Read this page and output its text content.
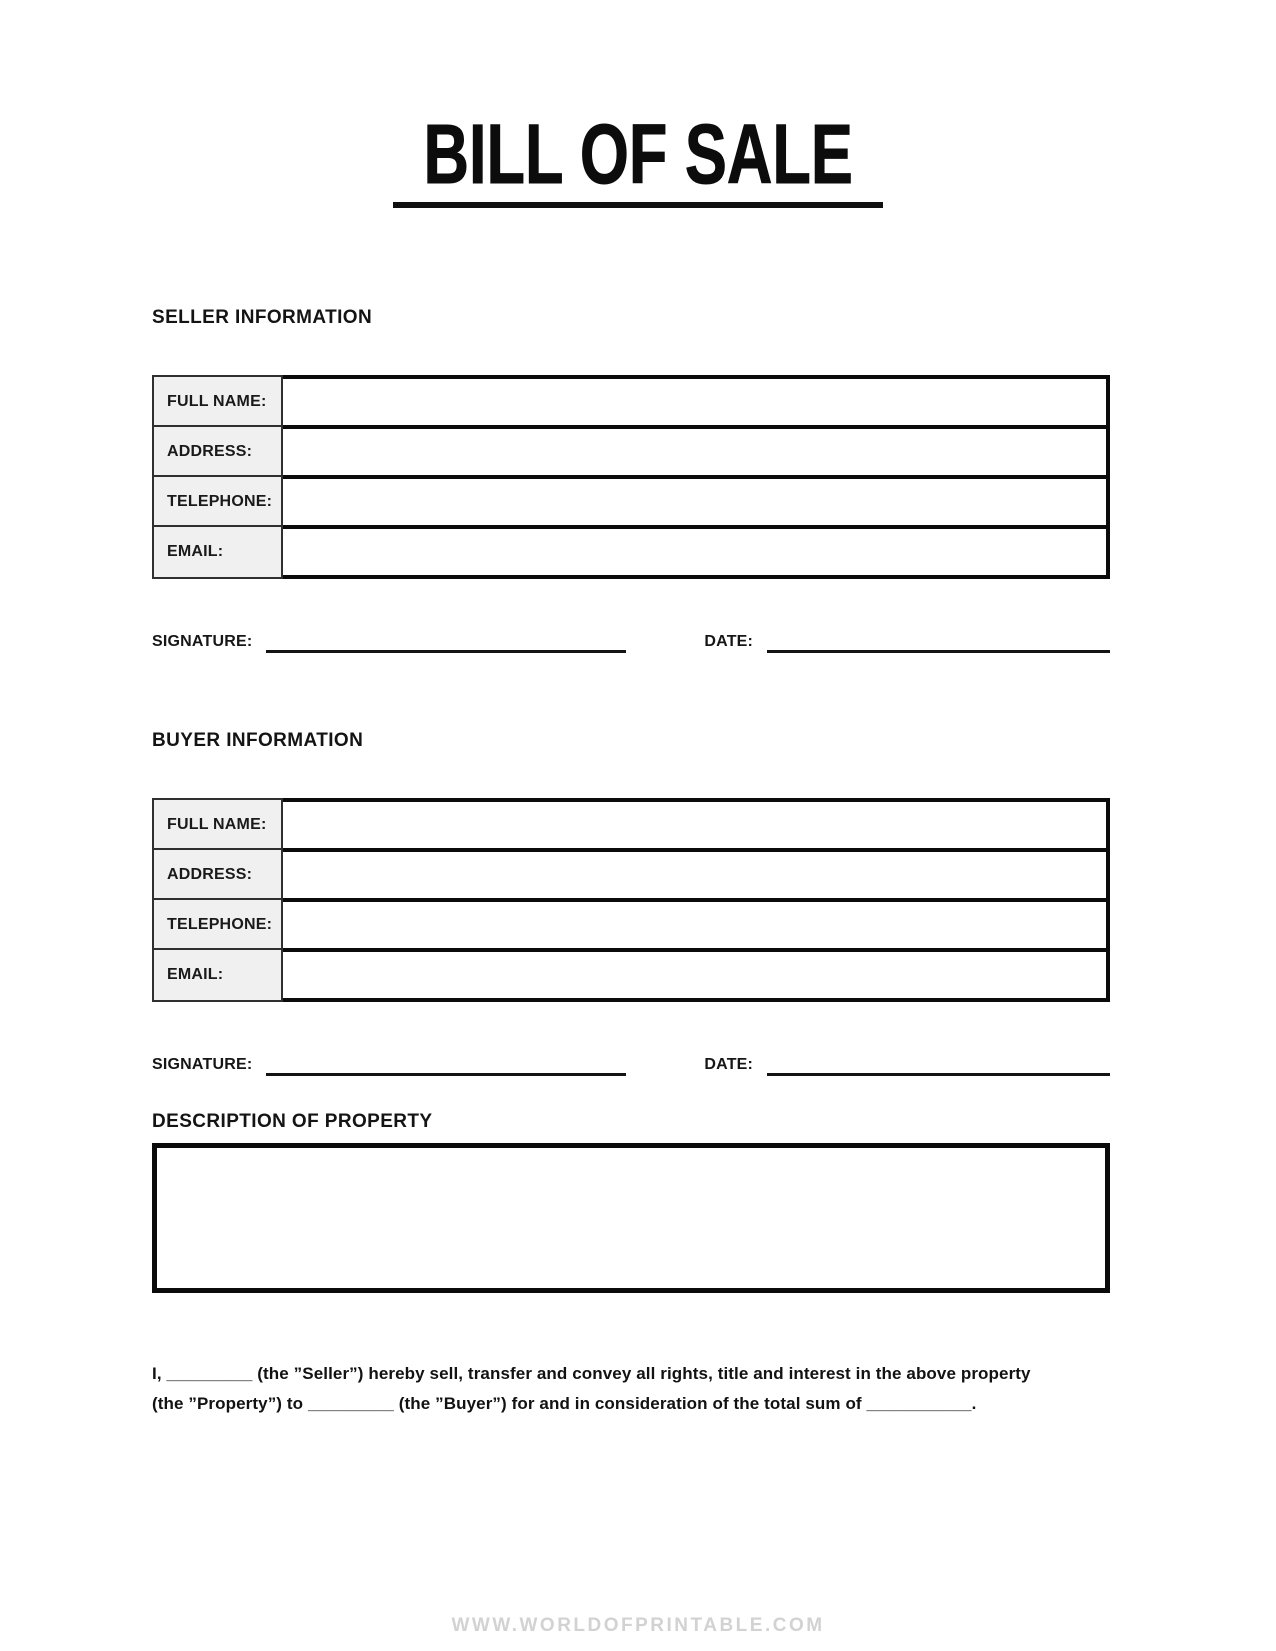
BILL OF SALE
SELLER INFORMATION
FULL NAME:
ADDRESS:
TELEPHONE:
EMAIL:
SIGNATURE:	DATE:
BUYER INFORMATION
FULL NAME:
ADDRESS:
TELEPHONE:
EMAIL:
SIGNATURE:	DATE:
DESCRIPTION OF PROPERTY

I, _________ (the ”Seller”) hereby sell, transfer and convey all rights, title and interest in the above property
(the ”Property”) to _________ (the ”Buyer”) for and in consideration of the total sum of ___________.

WWW.WORLDOFPRINTABLE.COM
